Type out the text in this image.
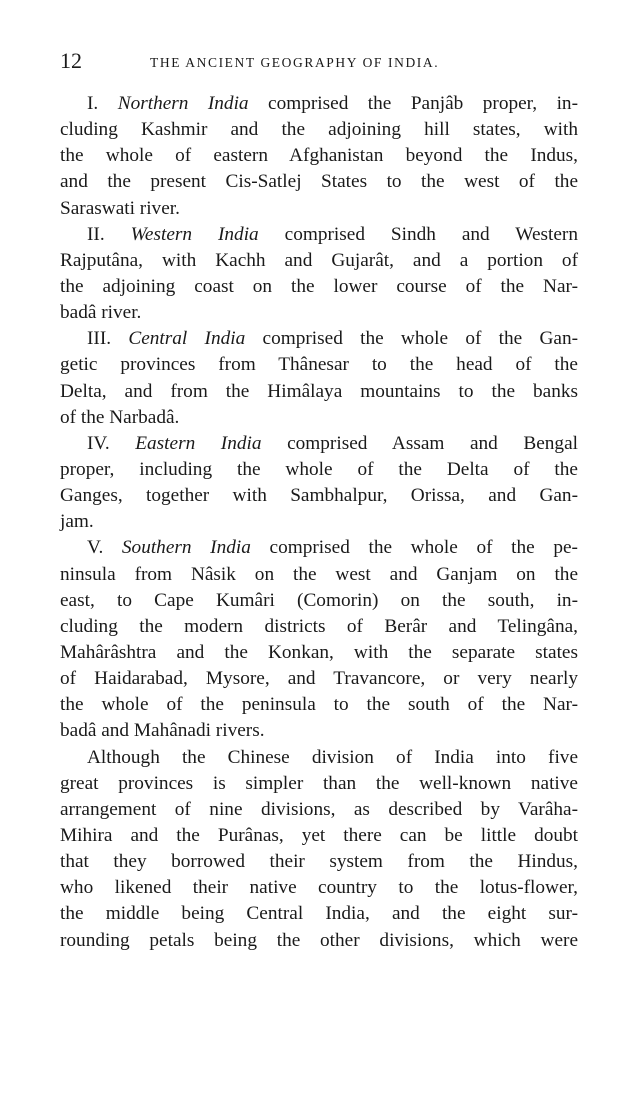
12	THE ANCIENT GEOGRAPHY OF INDIA.
I. Northern India comprised the Panjâb proper, in-
cluding Kashmir and the adjoining hill states, with
the whole of eastern Afghanistan beyond the Indus,
and the present Cis-Satlej States to the west of the
Saraswati river.
II. Western India comprised Sindh and Western
Rajputâna, with Kachh and Gujarât, and a portion of
the adjoining coast on the lower course of the Nar-
badâ river.
III. Central India comprised the whole of the Gan-
getic provinces from Thânesar to the head of the
Delta, and from the Himâlaya mountains to the banks
of the Narbadâ.
IV. Eastern India comprised Assam and Bengal
proper, including the whole of the Delta of the
Ganges, together with Sambhalpur, Orissa, and Gan-
jam.
V. Southern India comprised the whole of the pe-
ninsula from Nâsik on the west and Ganjam on the
east, to Cape Kumâri (Comorin) on the south, in-
cluding the modern districts of Berâr and Telingâna,
Mahârâshtra and the Konkan, with the separate states
of Haidarabad, Mysore, and Travancore, or very nearly
the whole of the peninsula to the south of the Nar-
badâ and Mahânadi rivers.
Although the Chinese division of India into five
great provinces is simpler than the well-known native
arrangement of nine divisions, as described by Varâha-
Mihira and the Purânas, yet there can be little doubt
that they borrowed their system from the Hindus,
who likened their native country to the lotus-flower,
the middle being Central India, and the eight sur-
rounding petals being the other divisions, which were
